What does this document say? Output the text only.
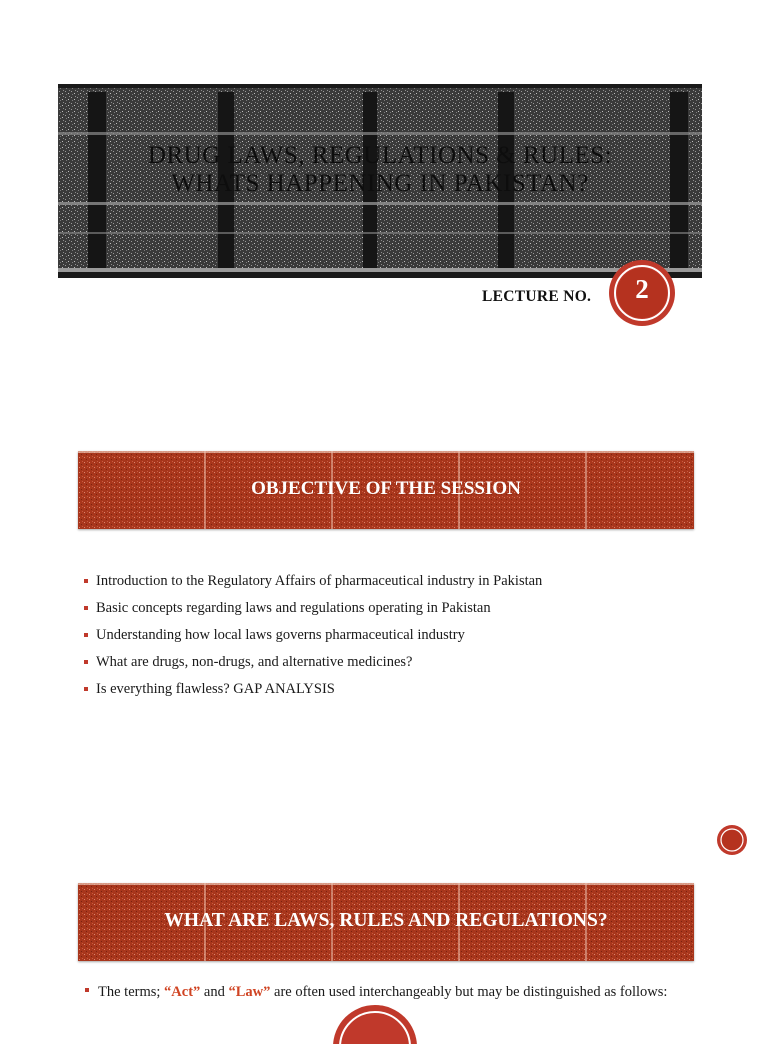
DRUG LAWS, REGULATIONS & RULES:
WHATS HAPPENING IN PAKISTAN?
LECTURE NO.	2
OBJECTIVE OF THE SESSION
Introduction to the Regulatory Affairs of pharmaceutical industry in Pakistan
Basic concepts regarding laws and regulations operating in Pakistan
Understanding how local laws governs pharmaceutical industry
What are drugs, non-drugs, and alternative medicines?
Is everything flawless? GAP ANALYSIS
WHAT ARE LAWS, RULES AND REGULATIONS?
The terms; “Act” and “Law” are often used interchangeably but may be distinguished as follows:
